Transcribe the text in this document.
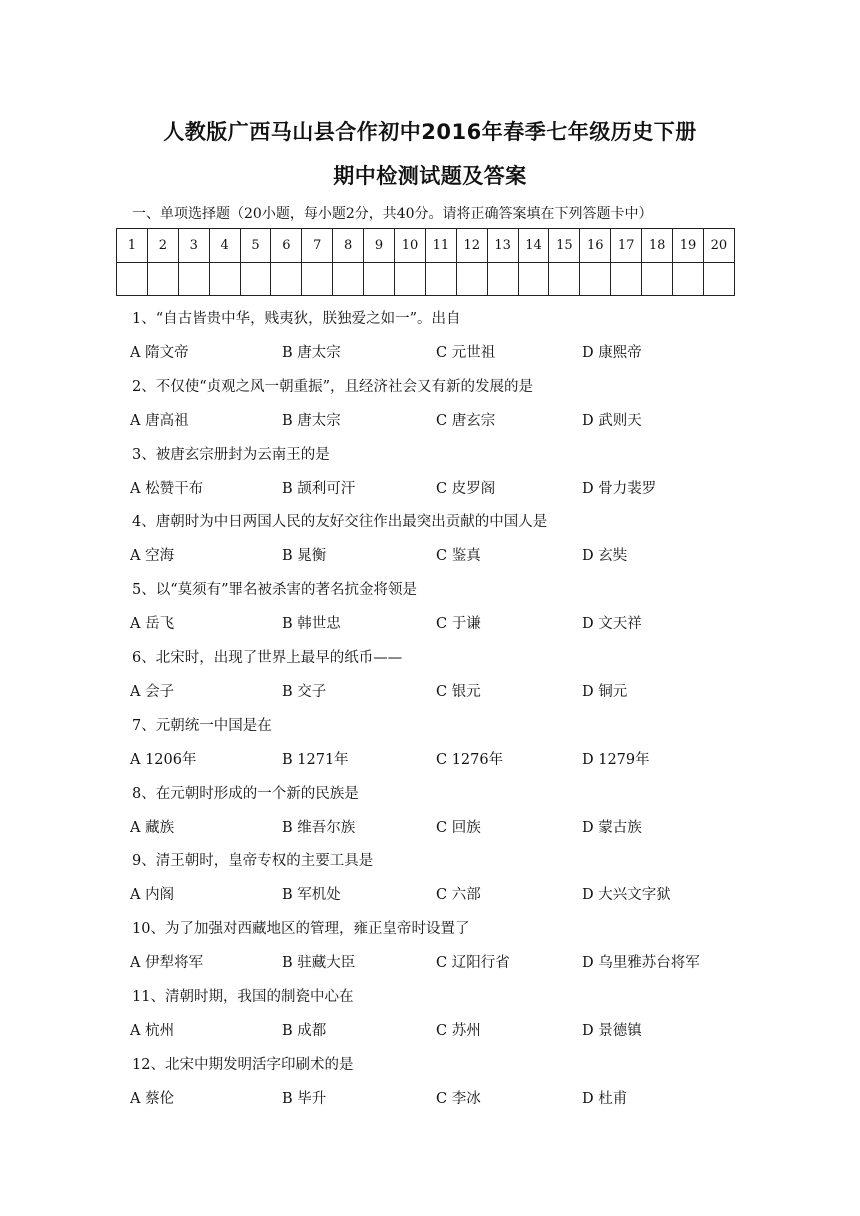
人教版广西马山县合作初中2016年春季七年级历史下册
期中检测试题及答案
一、单项选择题（20小题，每小题2分，共40分。请将正确答案填在下列答题卡中）
1	2	3	4	5	6	7	8	9	10	11	12	13	14	15	16	17	18	19	20

1、“自古皆贵中华，贱夷狄，朕独爱之如一”。出自
A 隋文帝	B 唐太宗	C 元世祖	D 康熙帝
2、不仅使“贞观之风一朝重振”，且经济社会又有新的发展的是
A 唐高祖	B 唐太宗	C 唐玄宗	D 武则天
3、被唐玄宗册封为云南王的是
A 松赞干布	B 颉利可汗	C 皮罗阁	D 骨力裴罗
4、唐朝时为中日两国人民的友好交往作出最突出贡献的中国人是
A 空海	B 晁衡	C 鉴真	D 玄奘
5、以“莫须有”罪名被杀害的著名抗金将领是
A 岳飞	B 韩世忠	C 于谦	D 文天祥
6、北宋时，出现了世界上最早的纸币——
A 会子	B 交子	C 银元	D 铜元
7、元朝统一中国是在
A 1206年	B 1271年	C 1276年	D 1279年
8、在元朝时形成的一个新的民族是
A 藏族	B 维吾尔族	C 回族	D 蒙古族
9、清王朝时，皇帝专权的主要工具是
A 内阁	B 军机处	C 六部	D 大兴文字狱
10、为了加强对西藏地区的管理，雍正皇帝时设置了
A 伊犁将军	B 驻藏大臣	C 辽阳行省	D 乌里雅苏台将军
11、清朝时期，我国的制瓷中心在
A 杭州	B 成都	C 苏州	D 景德镇
12、北宋中期发明活字印刷术的是
A 蔡伦	B 毕升	C 李冰	D 杜甫
